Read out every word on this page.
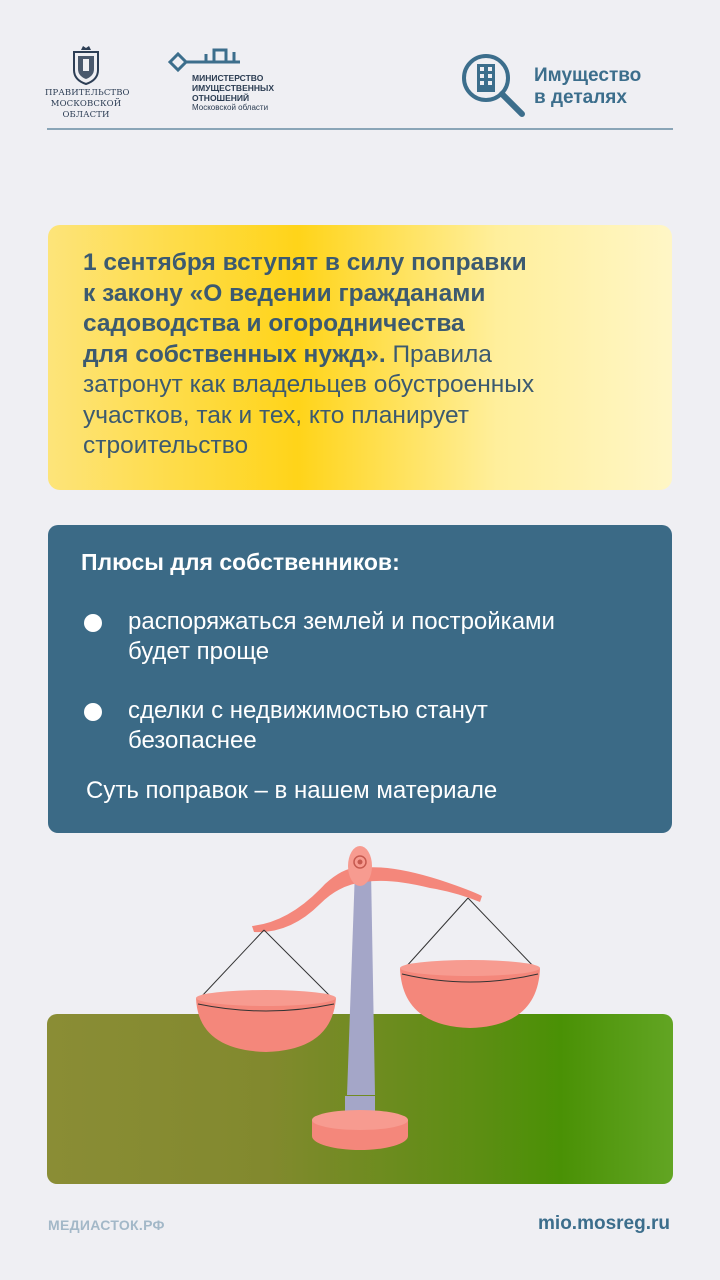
ПРАВИТЕЛЬСТВО
МОСКОВСКОЙ
ОБЛАСТИ
МИНИСТЕРСТВО
ИМУЩЕСТВЕННЫХ
ОТНОШЕНИЙ
Московской области
Имущество
в деталях

1 сентября вступят в силу поправки
к закону «О ведении гражданами
садоводства и огородничества
для собственных нужд». Правила
затронут как владельцев обустроенных
участков, так и тех, кто планирует
строительство

Плюсы для собственников:
распоряжаться землей и постройками
будет проще
сделки с недвижимостью станут
безопаснее

Суть поправок – в нашем материале

МЕДИАСТОК.РФ	mio.mosreg.ru
